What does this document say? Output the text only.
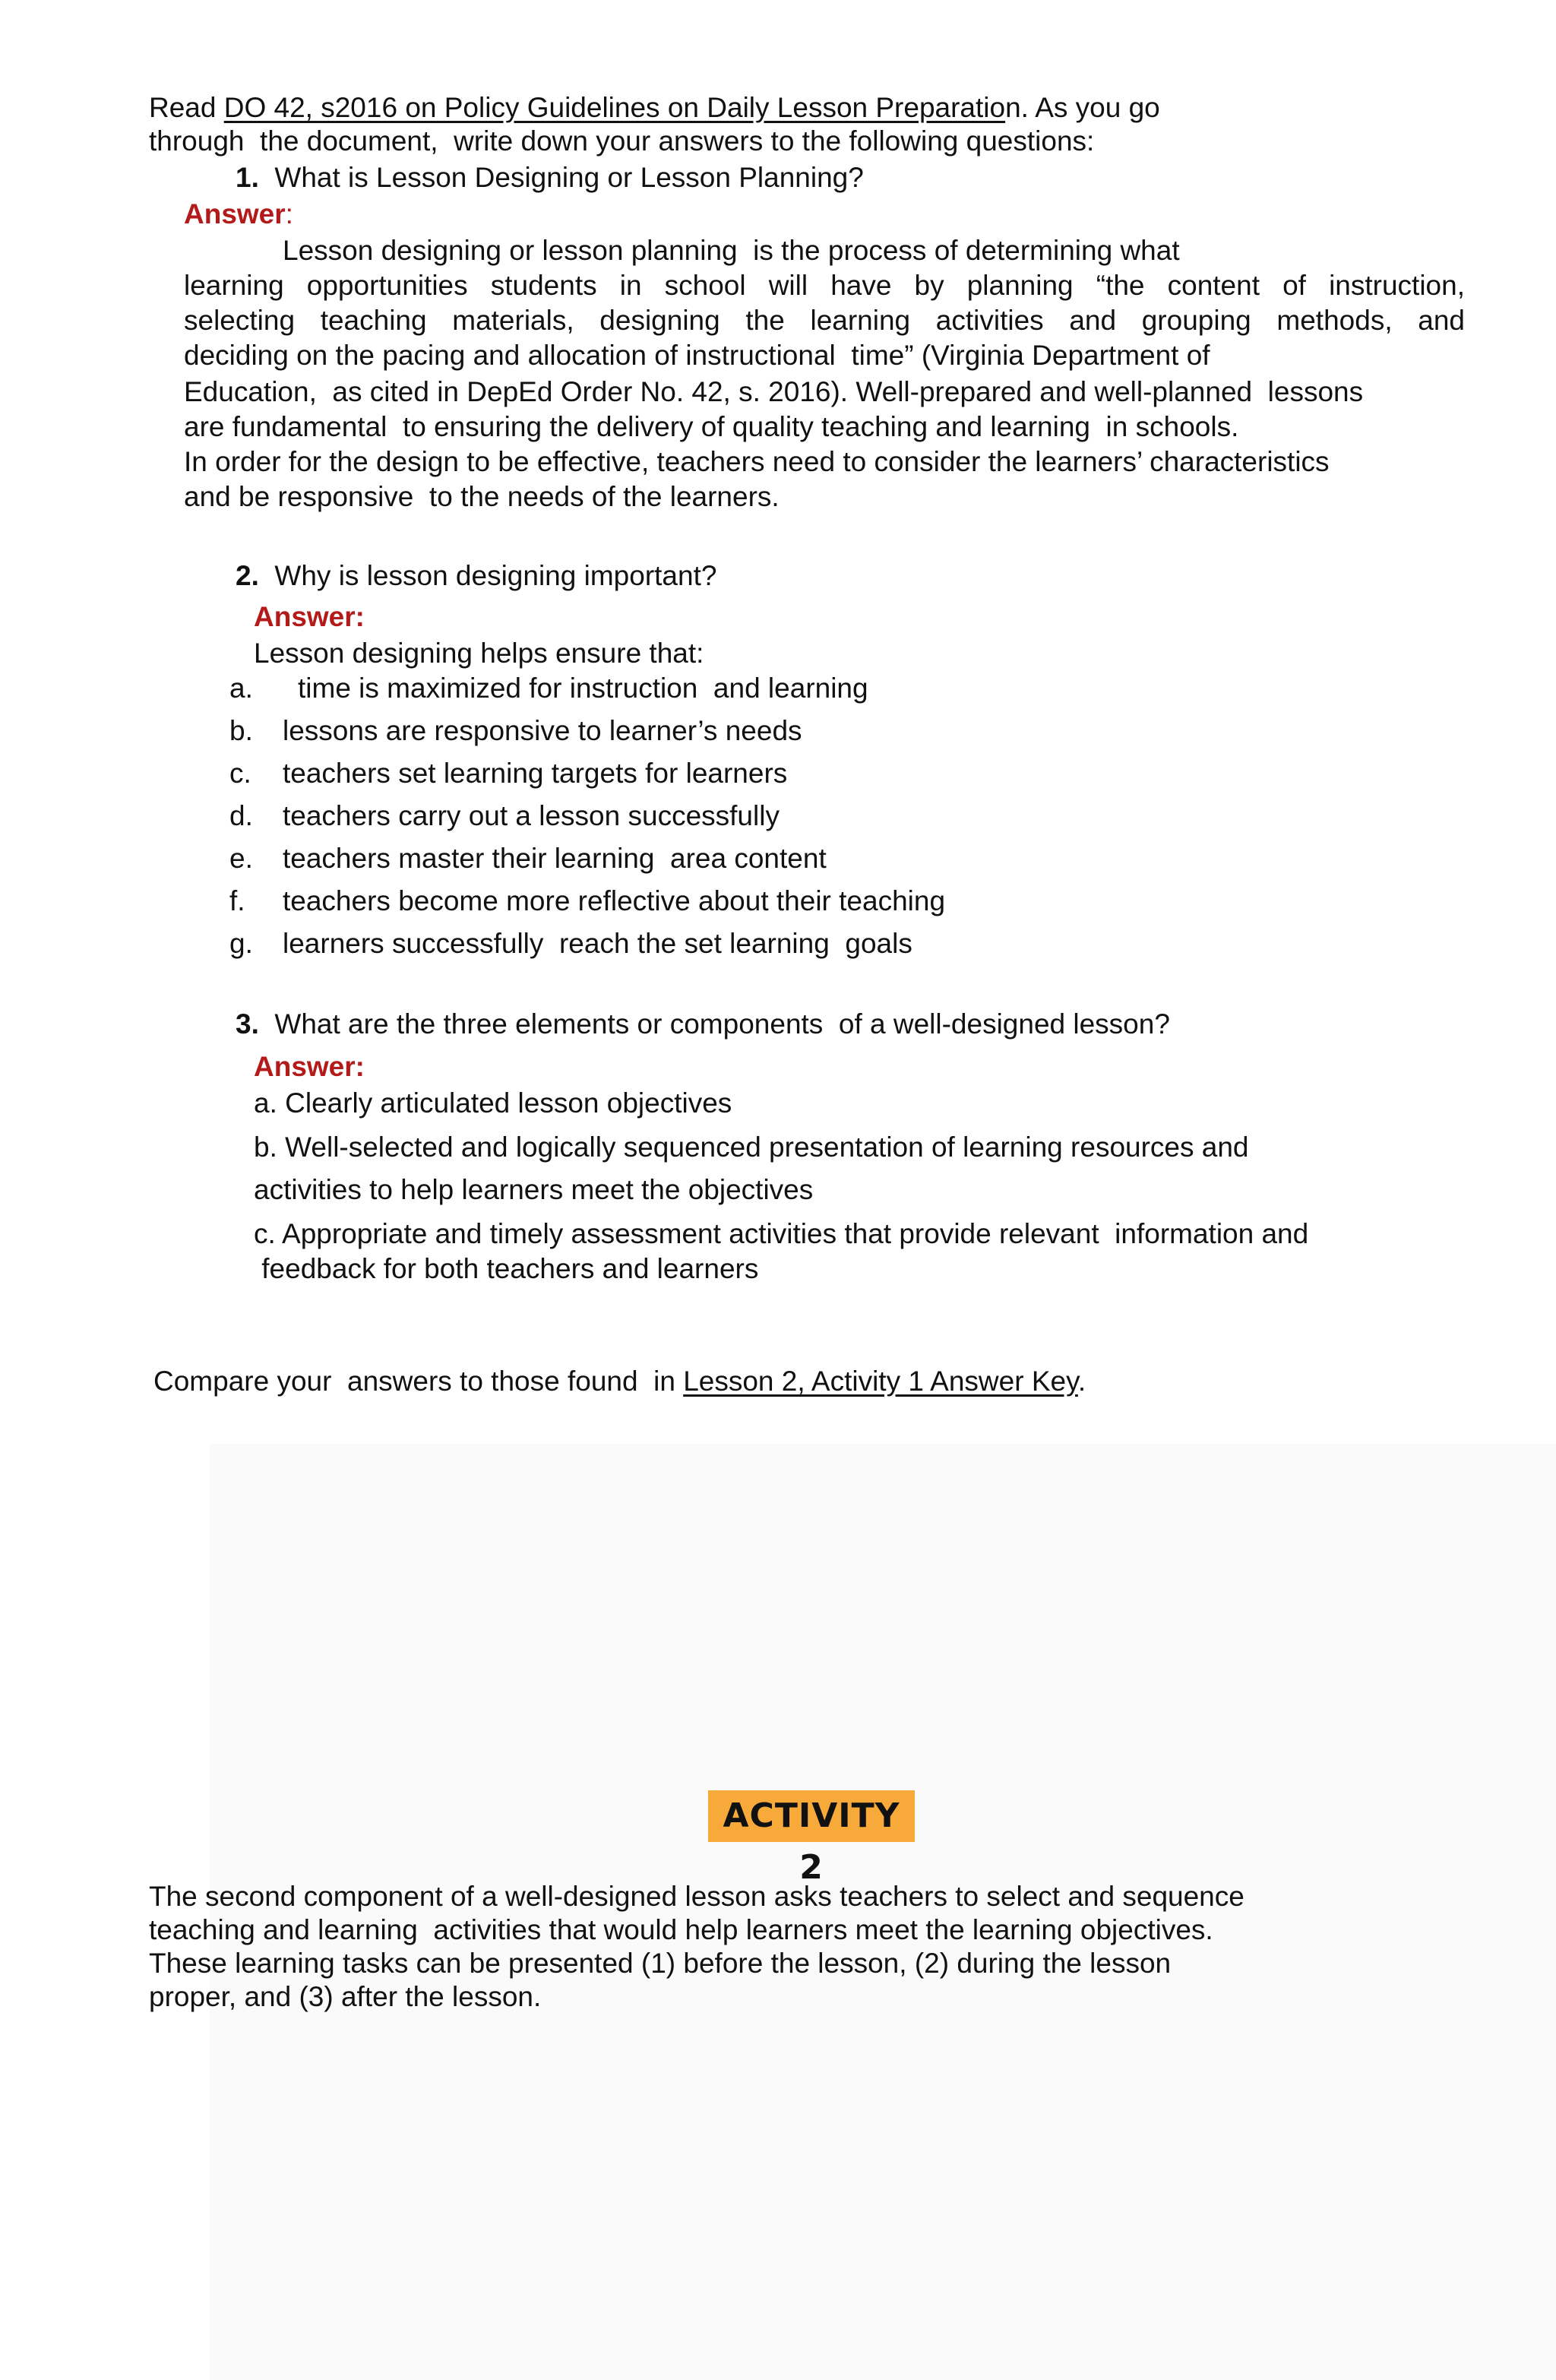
Read DO 42, s2016 on Policy Guidelines on Daily Lesson Preparation. As you go
through  the document,  write down your answers to the following questions:
1. What is Lesson Designing or Lesson Planning?
Answer:
Lesson designing or lesson planning  is the process of determining what
learning opportunities students in school will have by planning “the content of instruction,
selecting teaching materials, designing the learning activities and grouping methods, and
deciding on the pacing and allocation of instructional  time” (Virginia Department of
Education,  as cited in DepEd Order No. 42, s. 2016). Well-prepared and well-planned  lessons
are fundamental  to ensuring the delivery of quality teaching and learning  in schools.
In order for the design to be effective, teachers need to consider the learners’ characteristics
and be responsive  to the needs of the learners.
2. Why is lesson designing important?
Answer:
Lesson designing helps ensure that:
a. time is maximized for instruction  and learning
b. lessons are responsive to learner’s needs
c. teachers set learning targets for learners
d. teachers carry out a lesson successfully
e. teachers master their learning  area content
f. teachers become more reflective about their teaching
g. learners successfully  reach the set learning  goals
3. What are the three elements or components  of a well-designed lesson?
Answer:
a. Clearly articulated lesson objectives
b. Well-selected and logically sequenced presentation of learning resources and
activities to help learners meet the objectives
c. Appropriate and timely assessment activities that provide relevant  information and
feedback for both teachers and learners
Compare your  answers to those found  in Lesson 2, Activity 1 Answer Key.
ACTIVITY 2
The second component of a well-designed lesson asks teachers to select and sequence
teaching and learning  activities that would help learners meet the learning objectives.
These learning tasks can be presented (1) before the lesson, (2) during the lesson
proper, and (3) after the lesson.
